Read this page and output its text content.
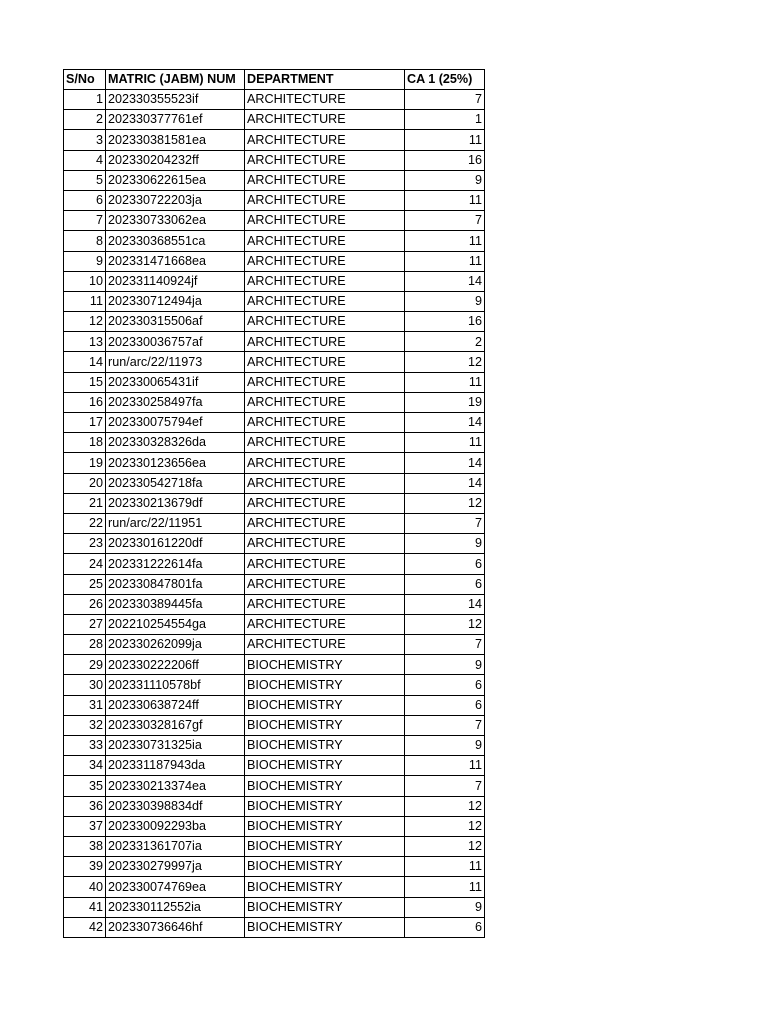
S/No	MATRIC (JABM) NUM	DEPARTMENT	CA 1 (25%)
1	202330355523if	ARCHITECTURE	7
2	202330377761ef	ARCHITECTURE	1
3	202330381581ea	ARCHITECTURE	11
4	202330204232ff	ARCHITECTURE	16
5	202330622615ea	ARCHITECTURE	9
6	202330722203ja	ARCHITECTURE	11
7	202330733062ea	ARCHITECTURE	7
8	202330368551ca	ARCHITECTURE	11
9	202331471668ea	ARCHITECTURE	11
10	202331140924jf	ARCHITECTURE	14
11	202330712494ja	ARCHITECTURE	9
12	202330315506af	ARCHITECTURE	16
13	202330036757af	ARCHITECTURE	2
14	run/arc/22/11973	ARCHITECTURE	12
15	202330065431if	ARCHITECTURE	11
16	202330258497fa	ARCHITECTURE	19
17	202330075794ef	ARCHITECTURE	14
18	202330328326da	ARCHITECTURE	11
19	202330123656ea	ARCHITECTURE	14
20	202330542718fa	ARCHITECTURE	14
21	202330213679df	ARCHITECTURE	12
22	run/arc/22/11951	ARCHITECTURE	7
23	202330161220df	ARCHITECTURE	9
24	202331222614fa	ARCHITECTURE	6
25	202330847801fa	ARCHITECTURE	6
26	202330389445fa	ARCHITECTURE	14
27	202210254554ga	ARCHITECTURE	12
28	202330262099ja	ARCHITECTURE	7
29	202330222206ff	BIOCHEMISTRY	9
30	202331110578bf	BIOCHEMISTRY	6
31	202330638724ff	BIOCHEMISTRY	6
32	202330328167gf	BIOCHEMISTRY	7
33	202330731325ia	BIOCHEMISTRY	9
34	202331187943da	BIOCHEMISTRY	11
35	202330213374ea	BIOCHEMISTRY	7
36	202330398834df	BIOCHEMISTRY	12
37	202330092293ba	BIOCHEMISTRY	12
38	202331361707ia	BIOCHEMISTRY	12
39	202330279997ja	BIOCHEMISTRY	11
40	202330074769ea	BIOCHEMISTRY	11
41	202330112552ia	BIOCHEMISTRY	9
42	202330736646hf	BIOCHEMISTRY	6
